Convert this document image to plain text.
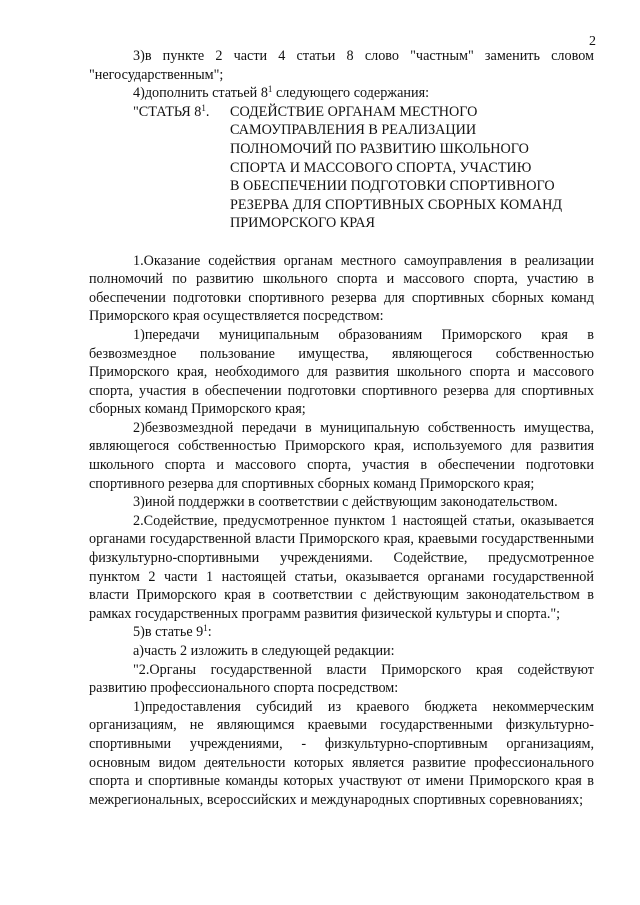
2

3)в пункте 2 части 4 статьи 8 слово "частным" заменить словом "негосударственным";

4)дополнить статьей $8^1$ следующего содержания:

"СТАТЬЯ $8^1$.	СОДЕЙСТВИЕ ОРГАНАМ МЕСТНОГО
САМОУПРАВЛЕНИЯ В РЕАЛИЗАЦИИ
ПОЛНОМОЧИЙ ПО РАЗВИТИЮ ШКОЛЬНОГО
СПОРТА И МАССОВОГО СПОРТА, УЧАСТИЮ
В ОБЕСПЕЧЕНИИ ПОДГОТОВКИ СПОРТИВНОГО
РЕЗЕРВА ДЛЯ СПОРТИВНЫХ СБОРНЫХ КОМАНД
ПРИМОРСКОГО КРАЯ

1.Оказание содействия органам местного самоуправления в реализации полномочий по развитию школьного спорта и массового спорта, участию в обеспечении подготовки спортивного резерва для спортивных сборных команд Приморского края осуществляется посредством:

1)передачи муниципальным образованиям Приморского края в безвозмездное пользование имущества, являющегося собственностью Приморского края, необходимого для развития школьного спорта и массового спорта, участия в обеспечении подготовки спортивного резерва для спортивных сборных команд Приморского края;

2)безвозмездной передачи в муниципальную собственность имущества, являющегося собственностью Приморского края, используемого для развития школьного спорта и массового спорта, участия в обеспечении подготовки спортивного резерва для спортивных сборных команд Приморского края;

3)иной поддержки в соответствии с действующим законодательством.

2.Содействие, предусмотренное пунктом 1 настоящей статьи, оказывается органами государственной власти Приморского края, краевыми государственными физкультурно-спортивными учреждениями. Содействие, предусмотренное пунктом 2 части 1 настоящей статьи, оказывается органами государственной власти Приморского края в соответствии с действующим законодательством в рамках государственных программ развития физической культуры и спорта.";

5)в статье $9^1$:

а)часть 2 изложить в следующей редакции:

"2.Органы государственной власти Приморского края содействуют развитию профессионального спорта посредством:

1)предоставления субсидий из краевого бюджета некоммерческим организациям, не являющимся краевыми государственными физкультурно-спортивными учреждениями, - физкультурно-спортивным организациям, основным видом деятельности которых является развитие профессионального спорта и спортивные команды которых участвуют от имени Приморского края в межрегиональных, всероссийских и международных спортивных соревнованиях;
